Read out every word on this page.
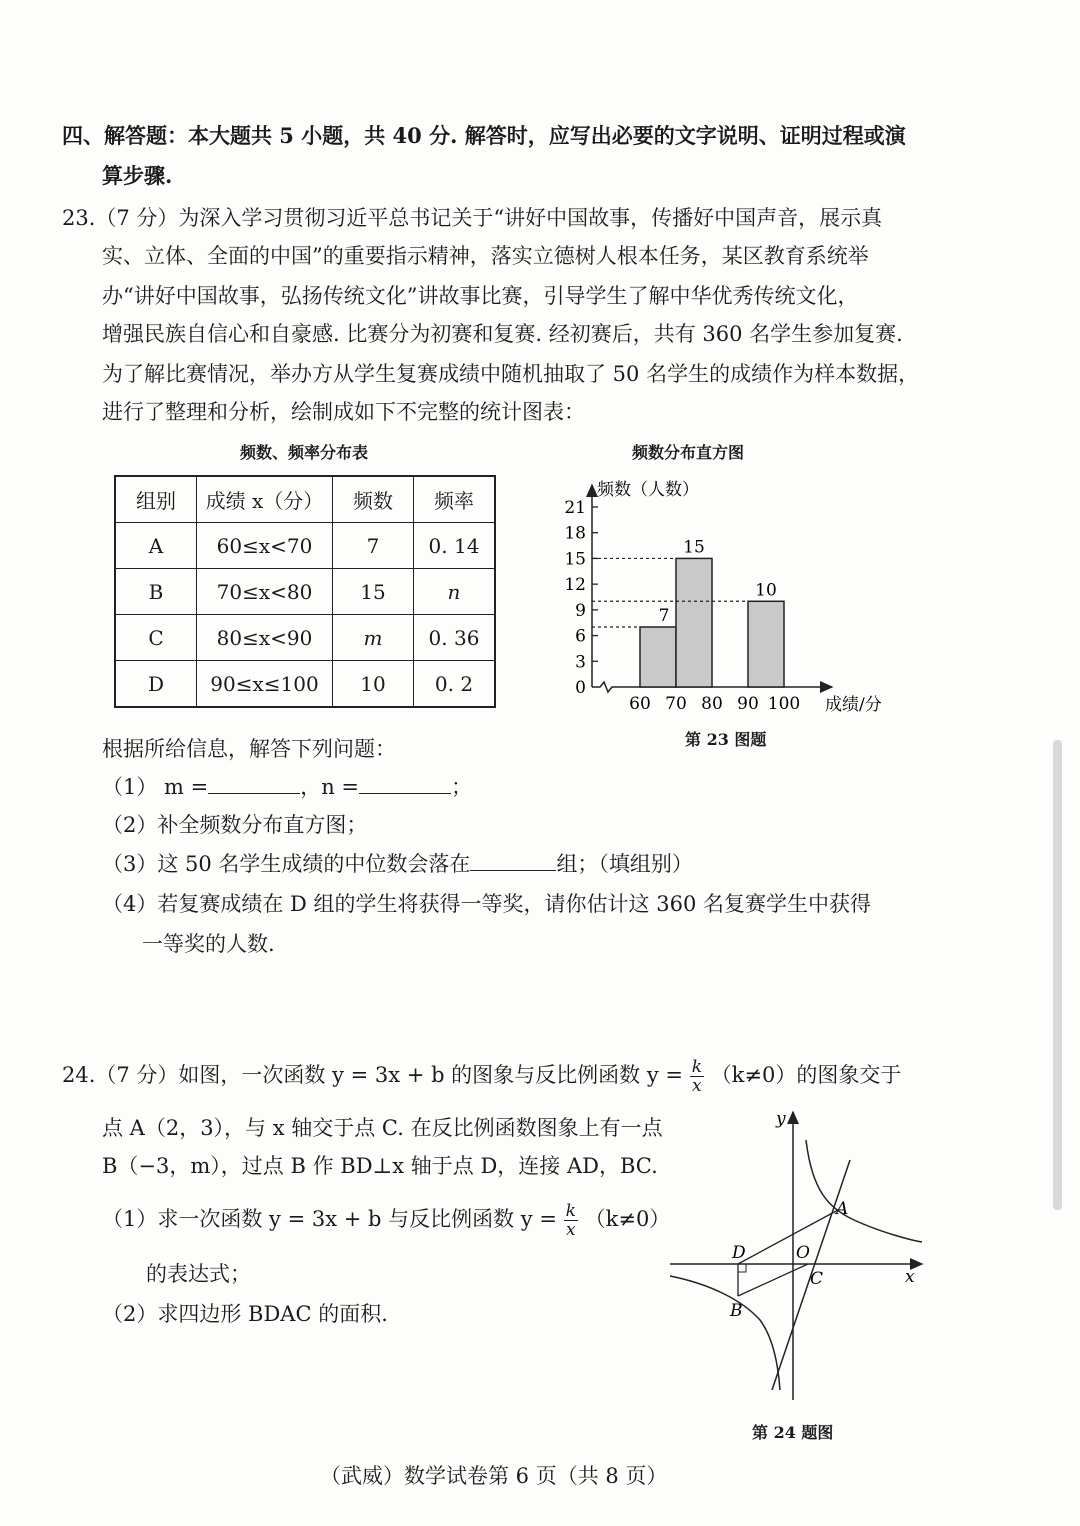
四、解答题：本大题共 5 小题，共 40 分. 解答时，应写出必要的文字说明、证明过程或演
算步骤.
23.（7 分）为深入学习贯彻习近平总书记关于“讲好中国故事，传播好中国声音，展示真
实、立体、全面的中国”的重要指示精神，落实立德树人根本任务，某区教育系统举
办“讲好中国故事，弘扬传统文化”讲故事比赛，引导学生了解中华优秀传统文化，
增强民族自信心和自豪感. 比赛分为初赛和复赛. 经初赛后，共有 360 名学生参加复赛.
为了解比赛情况，举办方从学生复赛成绩中随机抽取了 50 名学生的成绩作为样本数据，
进行了整理和分析，绘制成如下不完整的统计图表：
频数、频率分布表
组别	成绩 x（分）	频数	频率
A	60≤x<70	7	0. 14
B	70≤x<80	15	n
C	80≤x<90	m	0. 36
D	90≤x≤100	10	0. 2
频数分布直方图
0
3
6
9
12
15
18
21
60 70 80 90 100
7
15
10
频数（人数）
成绩/分
第 23 图题
根据所给信息，解答下列问题：
（1） m =	，n =	；
（2）补全频数分布直方图；
（3）这 50 名学生成绩的中位数会落在	组；（填组别）
（4）若复赛成绩在 D 组的学生将获得一等奖，请你估计这 360 名复赛学生中获得
一等奖的人数.
24.（7 分）如图，一次函数 y = 3x + b 的图象与反比例函数 $y = \frac{k}{x} (k\ne 0)$的图象交于
点 A（2，3），与 x 轴交于点 C. 在反比例函数图象上有一点
B（−3，m），过点 B 作 BD⊥x 轴于点 D，连接 AD，BC.
（1）求一次函数 y = 3x + b 与反比例函数 $y = \frac{k}{x} (k\ne 0)$
的表达式；
（2）求四边形 BDAC 的面积.
y
x
A
O
D
C
B
第 24 题图
（武威）数学试卷第 6 页（共 8 页）
